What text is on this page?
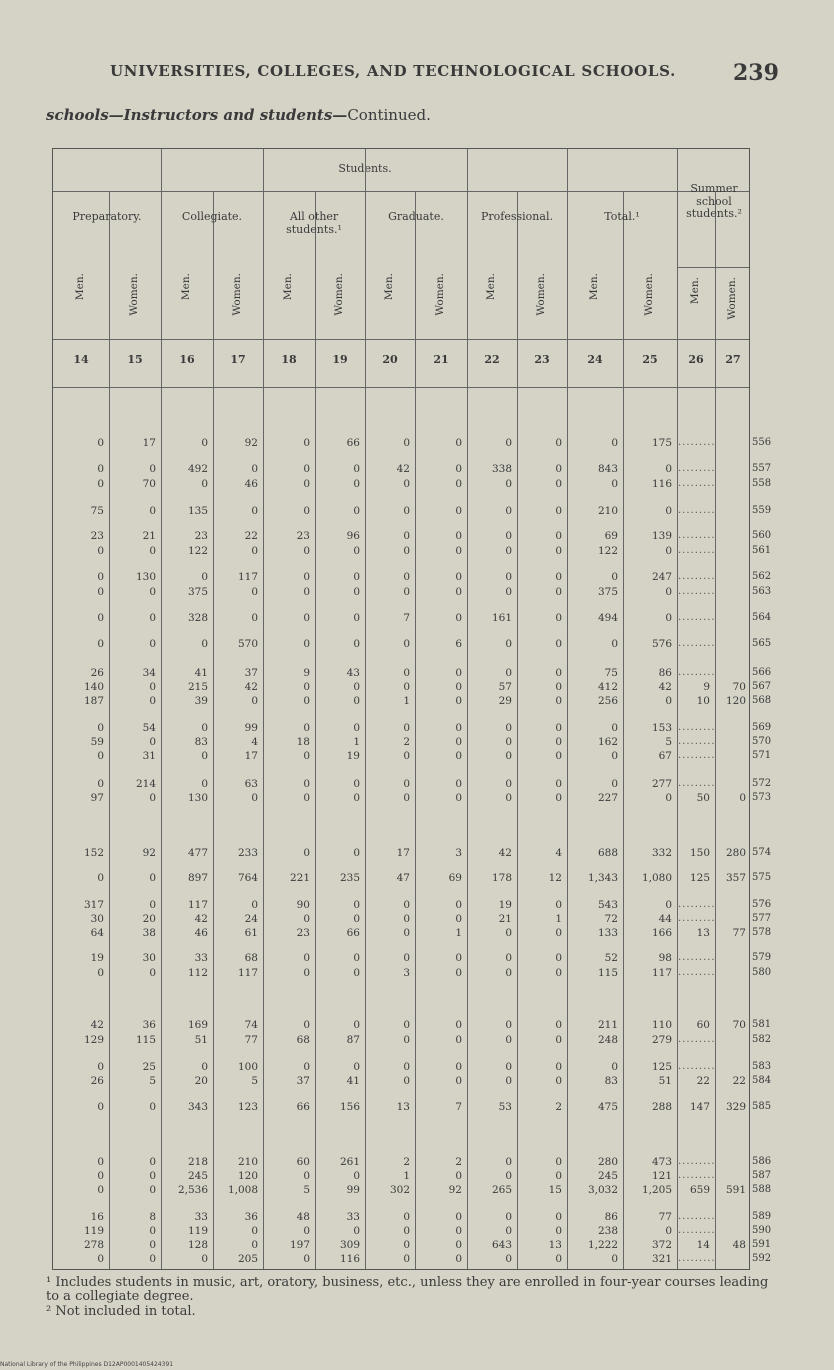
UNIVERSITIES, COLLEGES, AND TECHNOLOGICAL SCHOOLS.	239
schools—Instructors and students—Continued.
Students.
Preparatory.	Collegiate.	All other students.¹
Graduate.	Professional.	Total.¹
Summer school students.²
Men.
14
Women.
15
Men.
16
Women.
17
Men.
18
Women.
19
Men.
20
Women.
21
Men.
22
Women.
23
Men.
24
Women.
25
Men.
26
Women.
27
0	17	0	92	0	66	0	0	0	0	0	175 .........	556
0	0	492	0	0	0	42	0	338	0	843	0 .........	557
0	70	0	46	0	0	0	0	0	0	0	116 .........	558
75	0	135	0	0	0	0	0	0	0	210	0 .........	559
23	21	23	22	23	96	0	0	0	0	69	139 .........	560
0	0	122	0	0	0	0	0	0	0	122	0 .........	561
0	130	0	117	0	0	0	0	0	0	0	247 .........	562
0	0	375	0	0	0	0	0	0	0	375	0 .........	563
0	0	328	0	0	0	7	0	161	0	494	0 .........	564
0	0	0	570	0	0	0	6	0	0	0	576 .........	565
26	34	41	37	9	43	0	0	0	0	75	86 .........	566
140	0	215	42	0	0	0	0	57	0	412	42	9	70 567
187	0	39	0	0	0	1	0	29	0	256	0	10	120 568
0	54	0	99	0	0	0	0	0	0	0	153 .........	569
59	0	83	4	18	1	2	0	0	0	162	5 .........	570
0	31	0	17	0	19	0	0	0	0	0	67 .........	571
0	214	0	63	0	0	0	0	0	0	0	277 .........	572
97	0	130	0	0	0	0	0	0	0	227	0	50	0 573
152	92	477	233	0	0	17	3	42	4	688	332	150	280 574
0	0	897	764	221	235	47	69	178	12	1,343	1,080	125	357 575
317	0	117	0	90	0	0	0	19	0	543	0 .........	576
30	20	42	24	0	0	0	0	21	1	72	44 .........	577
64	38	46	61	23	66	0	1	0	0	133	166	13	77 578
19	30	33	68	0	0	0	0	0	0	52	98 .........	579
0	0	112	117	0	0	3	0	0	0	115	117 .........	580
42	36	169	74	0	0	0	0	0	0	211	110	60	70 581
129	115	51	77	68	87	0	0	0	0	248	279 .........	582
0	25	0	100	0	0	0	0	0	0	0	125 .........	583
26	5	20	5	37	41	0	0	0	0	83	51	22	22 584
0	0	343	123	66	156	13	7	53	2	475	288	147	329 585
0	0	218	210	60	261	2	2	0	0	280	473 .........	586
0	0	245	120	0	0	1	0	0	0	245	121 .........	587
0	0	2,536	1,008	5	99	302	92	265	15	3,032	1,205	659	591 588
16	8	33	36	48	33	0	0	0	0	86	77 .........	589
119	0	119	0	0	0	0	0	0	0	238	0 .........	590
278	0	128	0	197	309	0	0	643	13	1,222	372	14	48 591
0	0	0	205	0	116	0	0	0	0	0	321 .........	592

¹ Includes students in music, art, oratory, business, etc., unless they are enrolled in four-year courses leading to a collegiate degree.

² Not included in total.

National Library of the Philippines D12AP0001405424391
